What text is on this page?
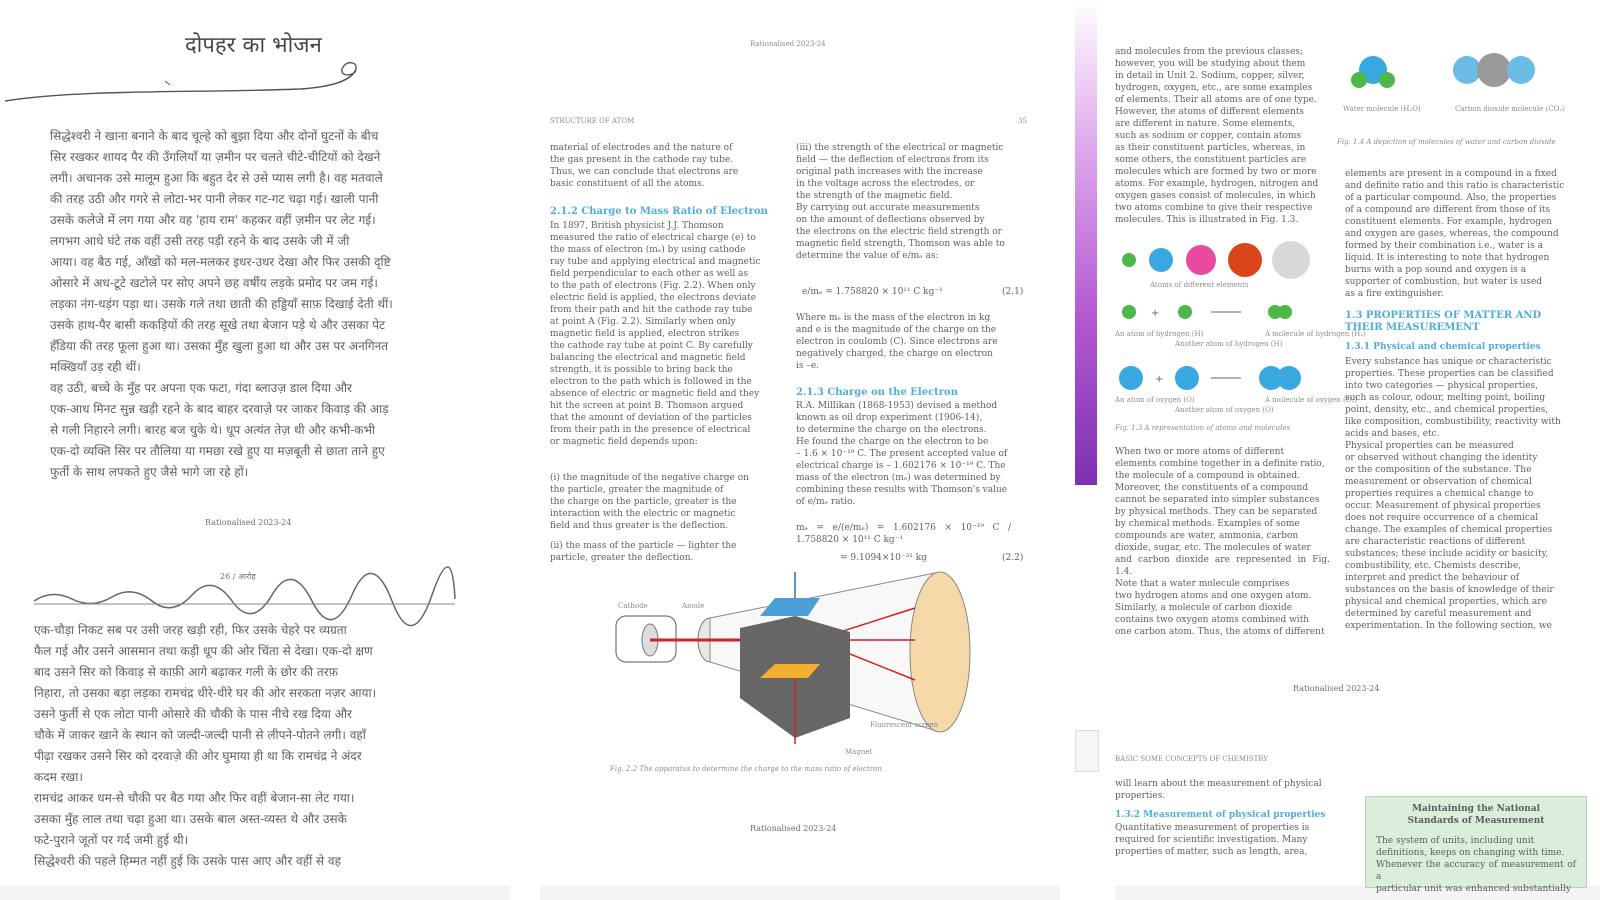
दोपहर का भोजन
सिद्धेश्वरी ने खाना बनाने के बाद चूल्हे को बुझा दिया और दोनों घुटनों के बीच
सिर रखकर शायद पैर की उँगलियाँ या ज़मीन पर चलते चीटे-चीटियों को देखने
लगी। अचानक उसे मालूम हुआ कि बहुत देर से उसे प्यास लगी है। वह मतवाले
की तरह उठी और गगरे से लोटा-भर पानी लेकर गट-गट चढ़ा गई। खाली पानी
उसके कलेजे में लग गया और वह 'हाय राम' कहकर वहीं ज़मीन पर लेट गई।
लगभग आधे घंटे तक वहीं उसी तरह पड़ी रहने के बाद उसके जी में जी
आया। वह बैठ गई, आँखों को मल-मलकर इधर-उधर देखा और फिर उसकी दृष्टि
ओसारे में अध-टूटे खटोले पर सोए अपने छह वर्षीय लड़के प्रमोद पर जम गई।
लड़का नंग-धड़ंग पड़ा था। उसके गले तथा छाती की हड्डियाँ साफ़ दिखाई देती थीं।
उसके हाथ-पैर बासी ककड़ियों की तरह सूखे तथा बेजान पड़े थे और उसका पेट
हँडिया की तरह फूला हुआ था। उसका मुँह खुला हुआ था और उस पर अनगिनत
मक्खियाँ उड़ रही थीं।
वह उठी, बच्चे के मुँह पर अपना एक फटा, गंदा ब्लाउज़ डाल दिया और
एक-आध मिनट सुन्न खड़ी रहने के बाद बाहर दरवाज़े पर जाकर किवाड़ की आड़
से गली निहारने लगी। बारह बज चुके थे। धूप अत्यंत तेज़ थी और कभी-कभी
एक-दो व्यक्ति सिर पर तौलिया या गमछा रखे हुए या मज़बूती से छाता ताने हुए
फुर्ती के साथ लपकते हुए जैसे भागे जा रहे हों।
Rationalised 2023-24
26 / आरोह
एक-चौड़ा निकट सब पर उसी जरह खड़ी रही, फिर उसके चेहरे पर व्यग्रता
फैल गई और उसने आसमान तथा कड़ी धूप की ओर चिंता से देखा। एक-दो क्षण
बाद उसने सिर को किवाड़ से काफ़ी आगे बढ़ाकर गली के छोर की तरफ़
निहारा, तो उसका बड़ा लड़का रामचंद्र धीरे-धीरे घर की ओर सरकता नज़र आया।
उसने फुर्ती से एक लोटा पानी ओसारे की चौकी के पास नीचे रख दिया और
चौके में जाकर खाने के स्थान को जल्दी-जल्दी पानी से लीपने-पोतने लगी। वहाँ
पीढ़ा रखकर उसने सिर को दरवाज़े की ओर घुमाया ही था कि रामचंद्र ने अंदर
कदम रखा।
रामचंद्र आकर धम-से चौकी पर बैठ गया और फिर वहीं बेजान-सा लेट गया।
उसका मुँह लाल तथा चढ़ा हुआ था। उसके बाल अस्त-व्यस्त थे और उसके
फटे-पुराने जूतों पर गर्द जमी हुई थी।
सिद्धेश्वरी की पहले हिम्मत नहीं हुई कि उसके पास आए और वहीं से वह
Rationalised 2023-24
STRUCTURE OF ATOM	35
material of electrodes and the nature of
the gas present in the cathode ray tube.
Thus, we can conclude that electrons are
basic constituent of all the atoms.
2.1.2 Charge to Mass Ratio of Electron
In 1897, British physicist J.J. Thomson
measured the ratio of electrical charge (e) to
the mass of electron (mₑ) by using cathode
ray tube and applying electrical and magnetic
field perpendicular to each other as well as
to the path of electrons (Fig. 2.2). When only
electric field is applied, the electrons deviate
from their path and hit the cathode ray tube
at point A (Fig. 2.2). Similarly when only
magnetic field is applied, electron strikes
the cathode ray tube at point C. By carefully
balancing the electrical and magnetic field
strength, it is possible to bring back the
electron to the path which is followed in the
absence of electric or magnetic field and they
hit the screen at point B. Thomson argued
that the amount of deviation of the particles
from their path in the presence of electrical
or magnetic field depends upon:
(i) the magnitude of the negative charge on
the particle, greater the magnitude of
the charge on the particle, greater is the
interaction with the electric or magnetic
field and thus greater is the deflection.
(ii) the mass of the particle — lighter the
particle, greater the deflection.
(iii) the strength of the electrical or magnetic
field — the deflection of electrons from its
original path increases with the increase
in the voltage across the electrodes, or
the strength of the magnetic field.
By carrying out accurate measurements
on the amount of deflections observed by
the electrons on the electric field strength or
magnetic field strength, Thomson was able to
determine the value of e/mₑ as:
e/mₑ = 1.758820 × 10¹¹ C kg⁻¹	(2.1)
Where mₑ is the mass of the electron in kg
and e is the magnitude of the charge on the
electron in coulomb (C). Since electrons are
negatively charged, the charge on electron
is –e.
2.1.3 Charge on the Electron
R.A. Millikan (1868-1953) devised a method
known as oil drop experiment (1906-14),
to determine the charge on the electrons.
He found the charge on the electron to be
– 1.6 × 10⁻¹⁹ C. The present accepted value of
electrical charge is – 1.602176 × 10⁻¹⁹ C. The
mass of the electron (mₑ) was determined by
combining these results with Thomson's value
of e/mₑ ratio.
mₑ = e/(e/mₑ) = 1.602176 × 10⁻¹⁹ C / 1.758820 × 10¹¹ C kg⁻¹
= 9.1094×10⁻³¹ kg	(2.2)
Cathode	Anode
Fluorescent screen
Magnet
Fig. 2.2 The apparatus to determine the charge to the mass ratio of electron
Rationalised 2023-24
and molecules from the previous classes;
however, you will be studying about them
in detail in Unit 2. Sodium, copper, silver,
hydrogen, oxygen, etc., are some examples
of elements. Their all atoms are of one type.
However, the atoms of different elements
are different in nature. Some elements,
such as sodium or copper, contain atoms
as their constituent particles, whereas, in
some others, the constituent particles are
molecules which are formed by two or more
atoms. For example, hydrogen, nitrogen and
oxygen gases consist of molecules, in which
two atoms combine to give their respective
molecules. This is illustrated in Fig. 1.3.
Water molecule (H₂O)	Carbon dioxide molecule (CO₂)
Fig. 1.4 A depiction of molecules of water and carbon dioxide
+
+
Atoms of different elements
An atom of hydrogen (H)
Another atom of hydrogen (H)
A molecule of hydrogen (H₂)
An atom of oxygen (O)
Another atom of oxygen (O)
A molecule of oxygen (O₂)
Fig. 1.3 A representation of atoms and molecules
When two or more atoms of different
elements combine together in a definite ratio,
the molecule of a compound is obtained.
Moreover, the constituents of a compound
cannot be separated into simpler substances
by physical methods. They can be separated
by chemical methods. Examples of some
compounds are water, ammonia, carbon
dioxide, sugar, etc. The molecules of water
and carbon dioxide are represented in Fig. 1.4.
Note that a water molecule comprises
two hydrogen atoms and one oxygen atom.
Similarly, a molecule of carbon dioxide
contains two oxygen atoms combined with
one carbon atom. Thus, the atoms of different
elements are present in a compound in a fixed
and definite ratio and this ratio is characteristic
of a particular compound. Also, the properties
of a compound are different from those of its
constituent elements. For example, hydrogen
and oxygen are gases, whereas, the compound
formed by their combination i.e., water is a
liquid. It is interesting to note that hydrogen
burns with a pop sound and oxygen is a
supporter of combustion, but water is used
as a fire extinguisher.
1.3 PROPERTIES OF MATTER AND
THEIR MEASUREMENT
1.3.1 Physical and chemical properties
Every substance has unique or characteristic
properties. These properties can be classified
into two categories — physical properties,
such as colour, odour, melting point, boiling
point, density, etc., and chemical properties,
like composition, combustibility, reactivity with
acids and bases, etc.
Physical properties can be measured
or observed without changing the identity
or the composition of the substance. The
measurement or observation of chemical
properties requires a chemical change to
occur. Measurement of physical properties
does not require occurrence of a chemical
change. The examples of chemical properties
are characteristic reactions of different
substances; these include acidity or basicity,
combustibility, etc. Chemists describe,
interpret and predict the behaviour of
substances on the basis of knowledge of their
physical and chemical properties, which are
determined by careful measurement and
experimentation. In the following section, we
Rationalised 2023-24
BASIC SOME CONCEPTS OF CHEMISTRY
will learn about the measurement of physical
properties.
1.3.2 Measurement of physical properties
Quantitative measurement of properties is
required for scientific investigation. Many
properties of matter, such as length, area,
Maintaining the National
Standards of Measurement
The system of units, including unit
definitions, keeps on changing with time.
Whenever the accuracy of measurement of a
particular unit was enhanced substantially
